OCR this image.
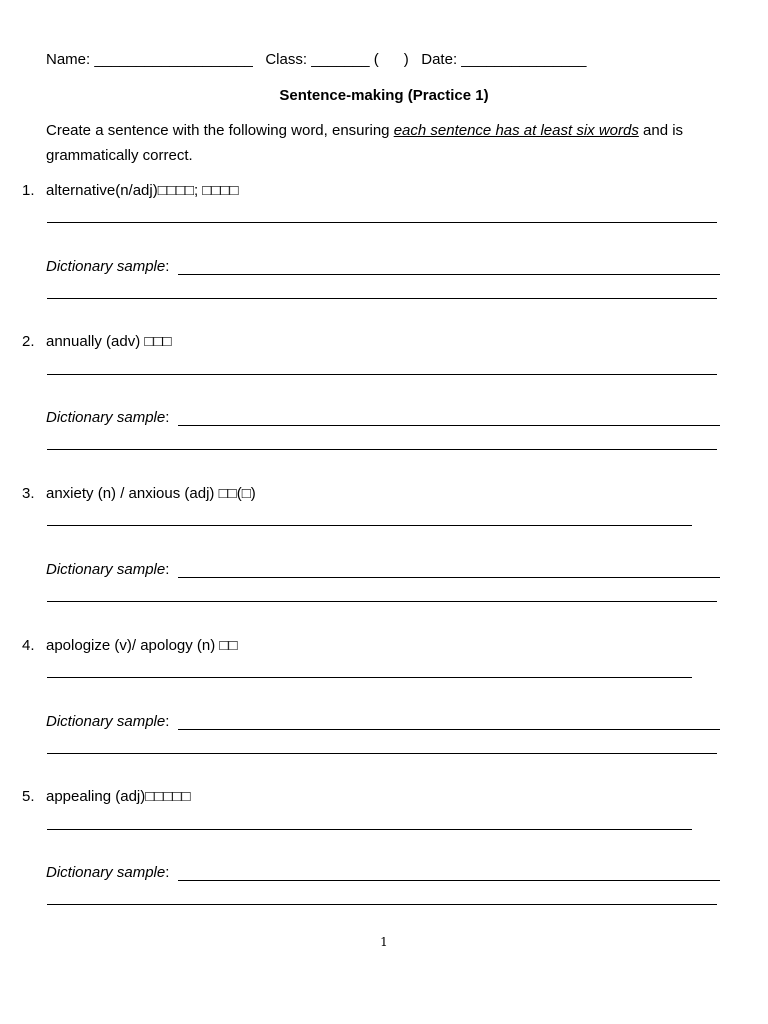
Name: ___________________   Class: _______ (      )   Date: _______________
Sentence-making (Practice 1)
Create a sentence with the following word, ensuring each sentence has at least six words and is
grammatically correct.
1. alternative(n/adj)□□□□; □□□□
Dictionary sample:
2. annually (adv) □□□
Dictionary sample:
3. anxiety (n) / anxious (adj) □□(□)
Dictionary sample:
4. apologize (v)/ apology (n) □□
Dictionary sample:
5. appealing (adj)□□□□□
Dictionary sample:
1
